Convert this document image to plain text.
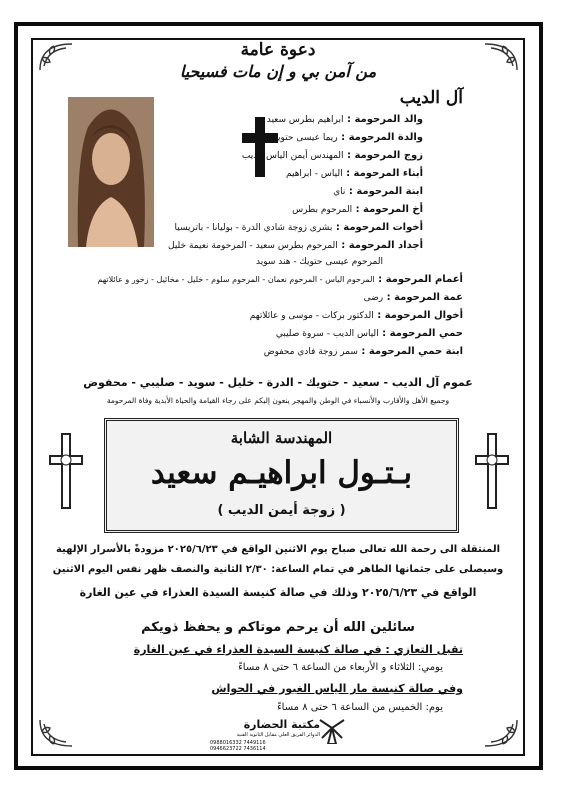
دعوة عامة
من آمن بي و إن مات فسيحيا
آل الديب
والد المرحومة : ابراهيم بطرس سعيد
والدة المرحومة : ريما عيسى حتويك
زوج المرحومة : المهندس أيمن الياس الديب
أبناء المرحومة : الياس - ابراهيم
ابنة المرحومة : ناي
أخ المرحومة : المرحوم بطرس
أخوات المرحومة : بشرى زوجة شادي الدرة - بوليانا - باتريسيا
أجداد المرحومة : المرحوم بطرس سعيد - المرحومة نعيمة خليل
المرحوم عيسى حتويك - هند سويد
أعمام المرحومة : المرحوم الياس - المرحوم نعمان - المرحوم سلوم - خليل - مخائيل - زخور و عائلاتهم
عمة المرحومة : رضى
أخوال المرحومة : الدكتور بركات - موسى و عائلاتهم
حمي المرحومة : الياس الديب - سروة صليبي
ابنة حمي المرحومة : سمر زوجة فادي محفوض
عموم آل الديب - سعيد - حتويك - الدرة - خليل - سويد - صليبي - محفوض
وجميع الأهل والأقارب والأنسباء في الوطن والمهجر ينعون إليكم على رجاء القيامة والحياة الأبدية وفاة المرحومة
المهندسة الشابة
بـتـول ابراهيـم سعيد
( زوجة أيمن الديب )
المنتقلة الى رحمة الله تعالى صباح يوم الاثنين الواقع في ٢٠٢٥/٦/٢٣ مزودةً بالأسرار الإلهية
وسيصلى على جثمانها الطاهر في تمام الساعة: ٢/٣٠ الثانية والنصف ظهر نفس اليوم الاثنين
الواقع في ٢٠٢٥/٦/٢٣ وذلك في صالة كنيسة السيدة العذراء في عين الغارة
سائلين الله أن يرحم موتاكم و يحفظ ذويكم
تقبل التعازي : في صالة كنيسة السيدة العذراء في عين الغارة
يومي: الثلاثاء و الأربعاء من الساعة ٦ حتى ٨ مساءً
وفي صالة كنيسة مار الياس الغيور في الحواش
يوم: الخميس من الساعة ٦ حتى ٨ مساءً
مكتبة الحضارة
الدوائر الفريق العلي مقابل الثانوية الفنية
0988016332 7449116
0946623722 7436114
